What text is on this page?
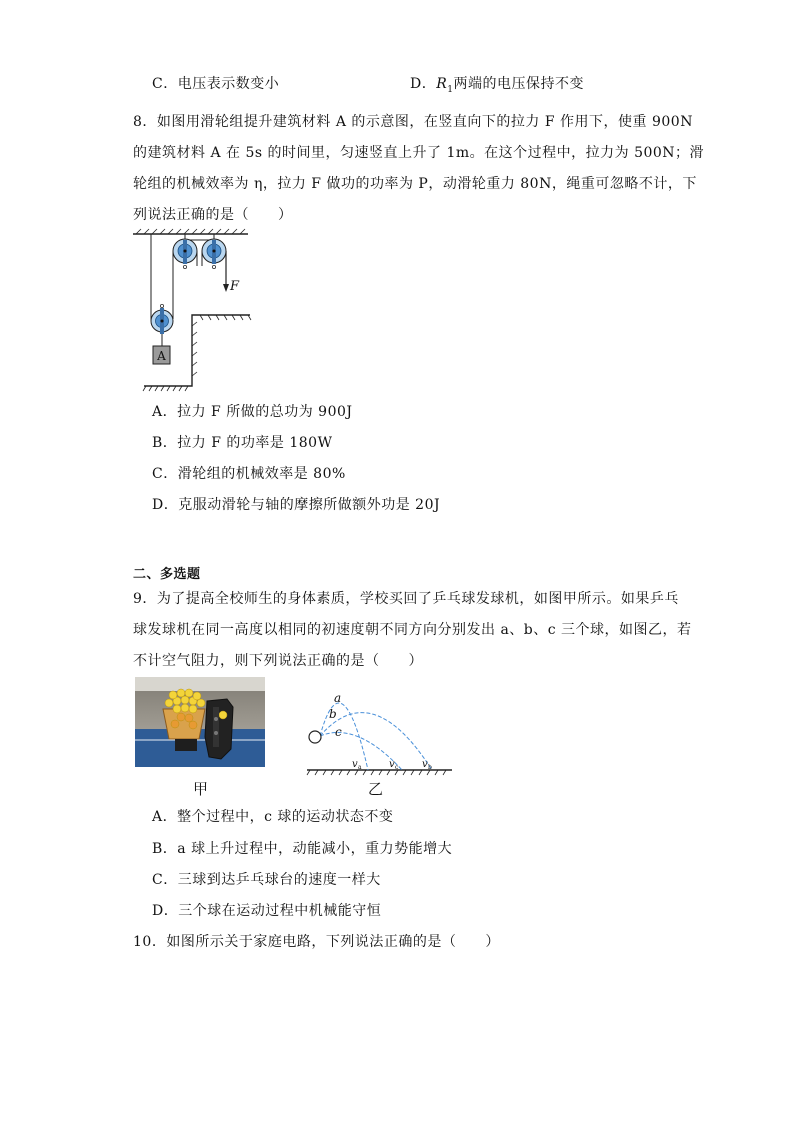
C．电压表示数变小	D．$R_1$两端的电压保持不变
8．如图用滑轮组提升建筑材料 A 的示意图，在竖直向下的拉力 F 作用下，使重 900N
的建筑材料 A 在 5s 的时间里，匀速竖直上升了 1m。在这个过程中，拉力为 500N；滑
轮组的机械效率为 η，拉力 F 做功的功率为 P，动滑轮重力 80N，绳重可忽略不计，下
列说法正确的是（　　）
F
A
A．拉力 F 所做的总功为 900J
B．拉力 F 的功率是 180W
C．滑轮组的机械效率是 80%
D．克服动滑轮与轴的摩擦所做额外功是 20J
二、多选题
9．为了提高全校师生的身体素质，学校买回了乒乓球发球机，如图甲所示。如果乒乓
球发球机在同一高度以相同的初速度朝不同方向分别发出 a、b、c 三个球，如图乙，若
不计空气阻力，则下列说法正确的是（　　）
甲
a
b
c
v a	v c v b
乙
A．整个过程中，c 球的运动状态不变
B．a 球上升过程中，动能减小，重力势能增大
C．三球到达乒乓球台的速度一样大
D．三个球在运动过程中机械能守恒
10．如图所示关于家庭电路，下列说法正确的是（　　）
